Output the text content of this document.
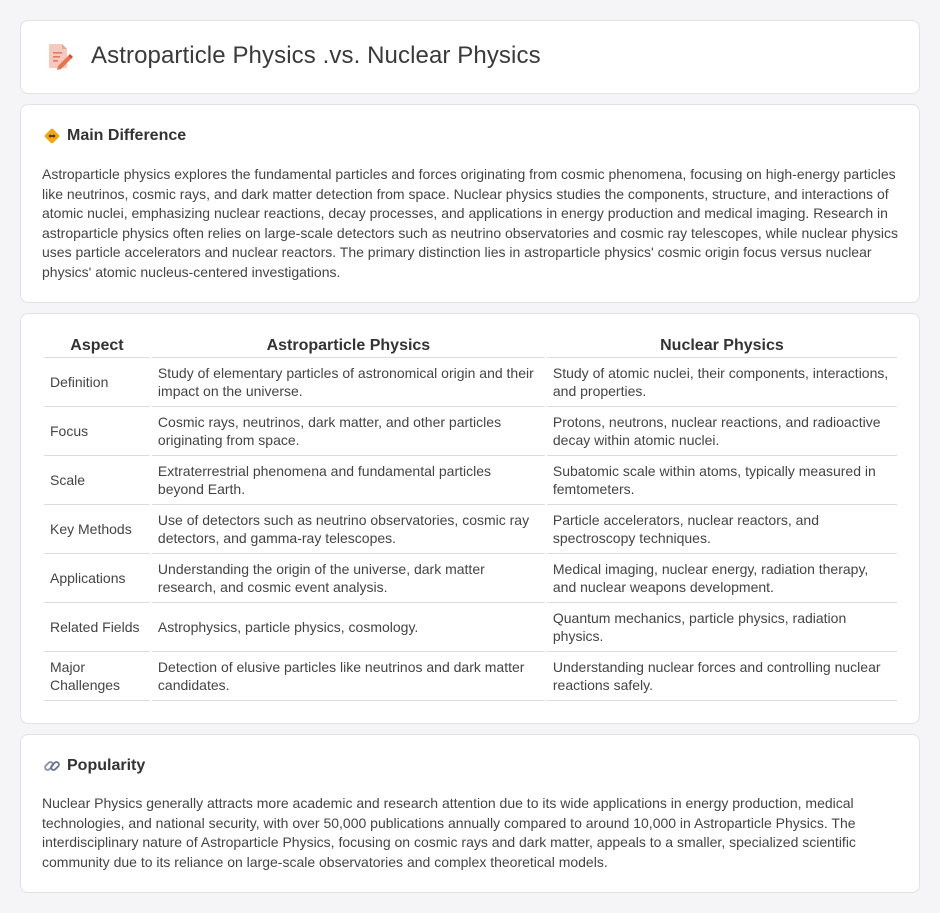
Astroparticle Physics .vs. Nuclear Physics
Main Difference

Astroparticle physics explores the fundamental particles and forces originating from cosmic phenomena, focusing on high-energy particles like neutrinos, cosmic rays, and dark matter detection from space. Nuclear physics studies the components, structure, and interactions of atomic nuclei, emphasizing nuclear reactions, decay processes, and applications in energy production and medical imaging. Research in astroparticle physics often relies on large-scale detectors such as neutrino observatories and cosmic ray telescopes, while nuclear physics uses particle accelerators and nuclear reactors. The primary distinction lies in astroparticle physics' cosmic origin focus versus nuclear physics' atomic nucleus-centered investigations.

Aspect	Astroparticle Physics	Nuclear Physics
Definition	Study of elementary particles of astronomical origin and their impact on the universe.	Study of atomic nuclei, their components, interactions, and properties.
Focus	Cosmic rays, neutrinos, dark matter, and other particles originating from space.	Protons, neutrons, nuclear reactions, and radioactive decay within atomic nuclei.
Scale	Extraterrestrial phenomena and fundamental particles beyond Earth.	Subatomic scale within atoms, typically measured in femtometers.
Key Methods	Use of detectors such as neutrino observatories, cosmic ray detectors, and gamma-ray telescopes.	Particle accelerators, nuclear reactors, and spectroscopy techniques.
Applications	Understanding the origin of the universe, dark matter research, and cosmic event analysis.	Medical imaging, nuclear energy, radiation therapy, and nuclear weapons development.
Related Fields	Astrophysics, particle physics, cosmology.	Quantum mechanics, particle physics, radiation physics.
Major Challenges	Detection of elusive particles like neutrinos and dark matter candidates.	Understanding nuclear forces and controlling nuclear reactions safely.
Popularity

Nuclear Physics generally attracts more academic and research attention due to its wide applications in energy production, medical technologies, and national security, with over 50,000 publications annually compared to around 10,000 in Astroparticle Physics. The interdisciplinary nature of Astroparticle Physics, focusing on cosmic rays and dark matter, appeals to a smaller, specialized scientific community due to its reliance on large-scale observatories and complex theoretical models.
